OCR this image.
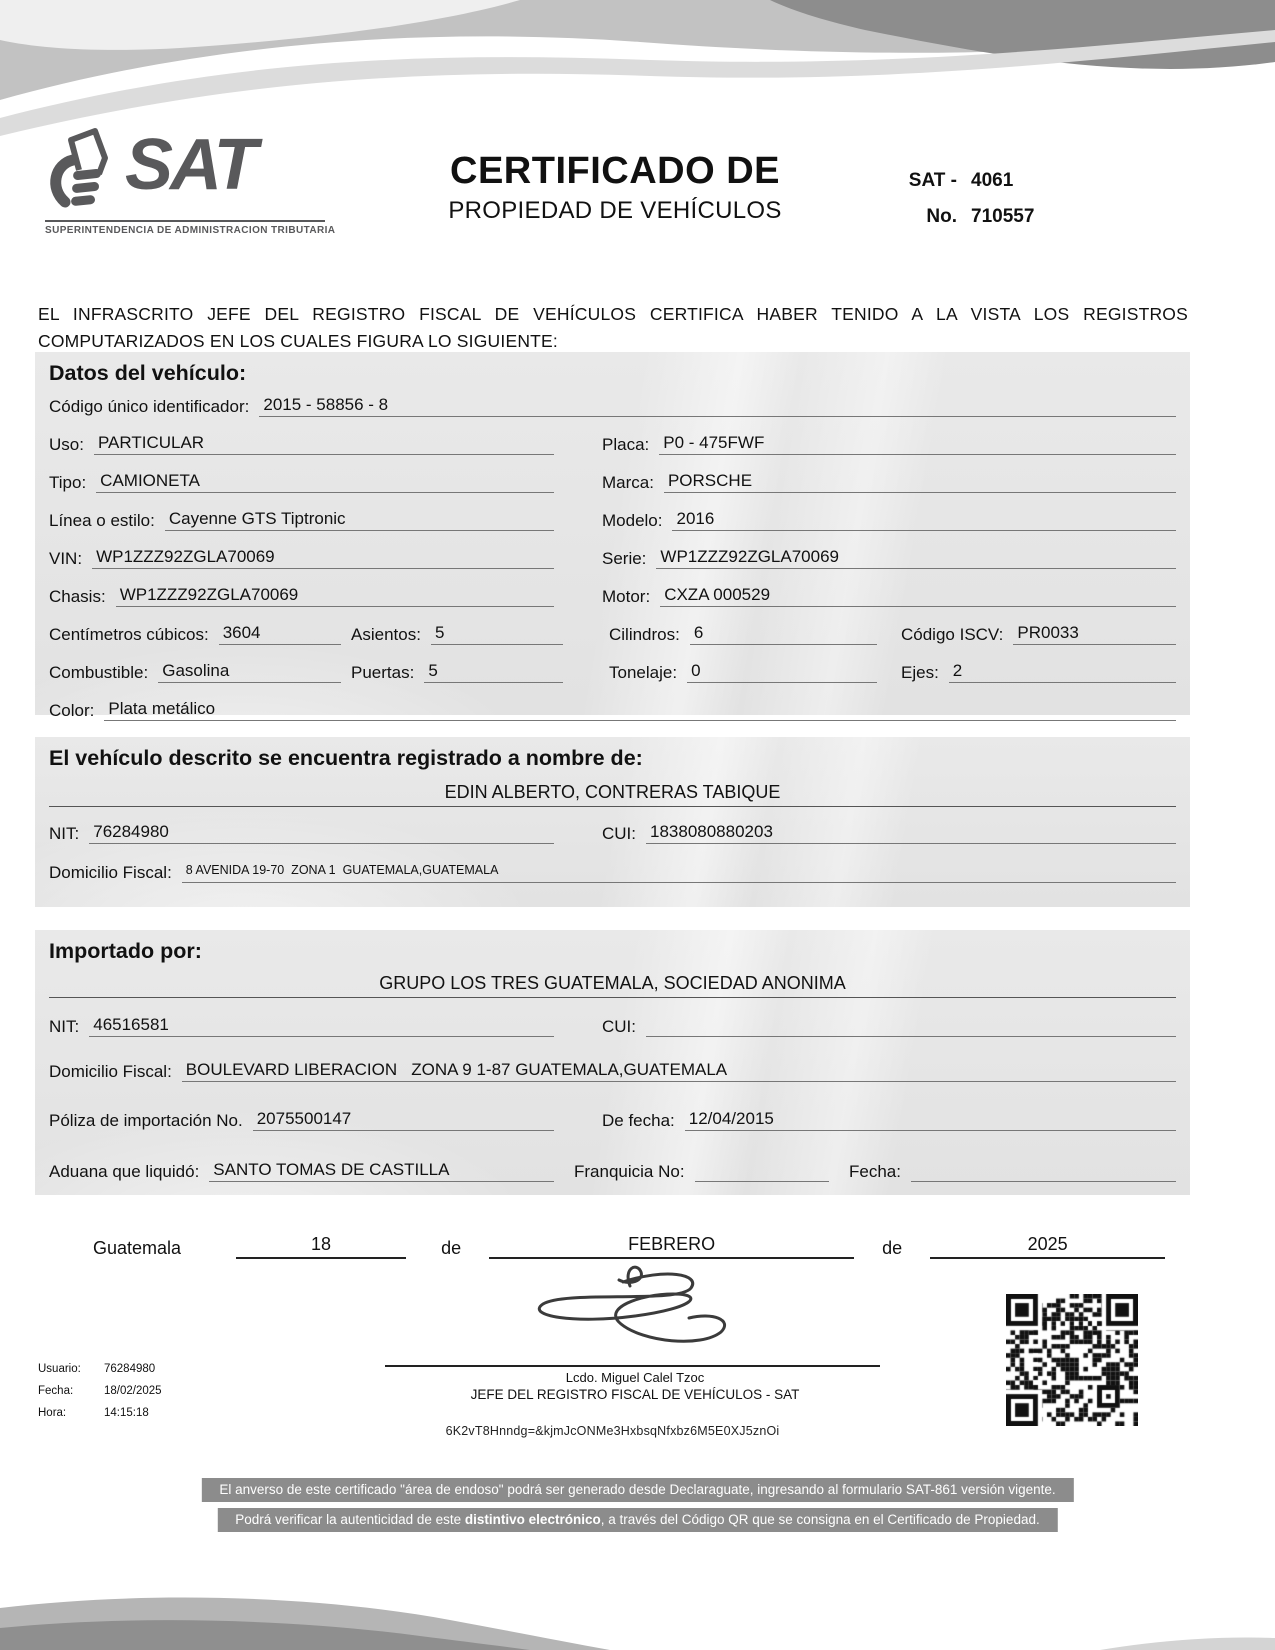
SAT
SUPERINTENDENCIA DE ADMINISTRACION TRIBUTARIA
CERTIFICADO DE
PROPIEDAD DE VEHÍCULOS
SAT - 4061
No. 710557

EL INFRASCRITO JEFE DEL REGISTRO FISCAL DE VEHÍCULOS CERTIFICA HABER TENIDO A LA VISTA LOS REGISTROS COMPUTARIZADOS EN LOS CUALES FIGURA LO SIGUIENTE:

Datos del vehículo:
Código único identificador: 2015 - 58856 - 8
Uso: PARTICULAR	Placa: P0 - 475FWF
Tipo: CAMIONETA	Marca: PORSCHE
Línea o estilo: Cayenne GTS Tiptronic	Modelo: 2016
VIN: WP1ZZZ92ZGLA70069	Serie: WP1ZZZ92ZGLA70069
Chasis: WP1ZZZ92ZGLA70069	Motor: CXZA 000529
Centímetros cúbicos: 3604	Asientos: 5	Cilindros: 6	Código ISCV: PR0033
Combustible: Gasolina	Puertas: 5	Tonelaje: 0	Ejes: 2
Color: Plata metálico
El vehículo descrito se encuentra registrado a nombre de:
EDIN ALBERTO, CONTRERAS TABIQUE
NIT: 76284980	CUI: 1838080880203
Domicilio Fiscal:	8 AVENIDA 19-70  ZONA 1  GUATEMALA,GUATEMALA
Importado por:
GRUPO LOS TRES GUATEMALA, SOCIEDAD ANONIMA
NIT: 46516581	CUI:
Domicilio Fiscal: BOULEVARD LIBERACION   ZONA 9 1-87 GUATEMALA,GUATEMALA
Póliza de importación No. 2075500147	De fecha: 12/04/2015
Aduana que liquidó: SANTO TOMAS DE CASTILLA	Franquicia No:	Fecha:
Guatemala	18	de	FEBRERO	de	2025
Lcdo. Miguel Calel Tzoc
JEFE DEL REGISTRO FISCAL DE VEHÍCULOS - SAT
Usuario:	76284980
Fecha:	18/02/2025
Hora:	14:15:18
6K2vT8Hnndg=&kjmJcONMe3HxbsqNfxbz6M5E0XJ5znOi
El anverso de este certificado "área de endoso" podrá ser generado desde Declaraguate, ingresando al formulario SAT-861 versión vigente.
Podrá verificar la autenticidad de este distintivo electrónico, a través del Código QR que se consigna en el Certificado de Propiedad.
